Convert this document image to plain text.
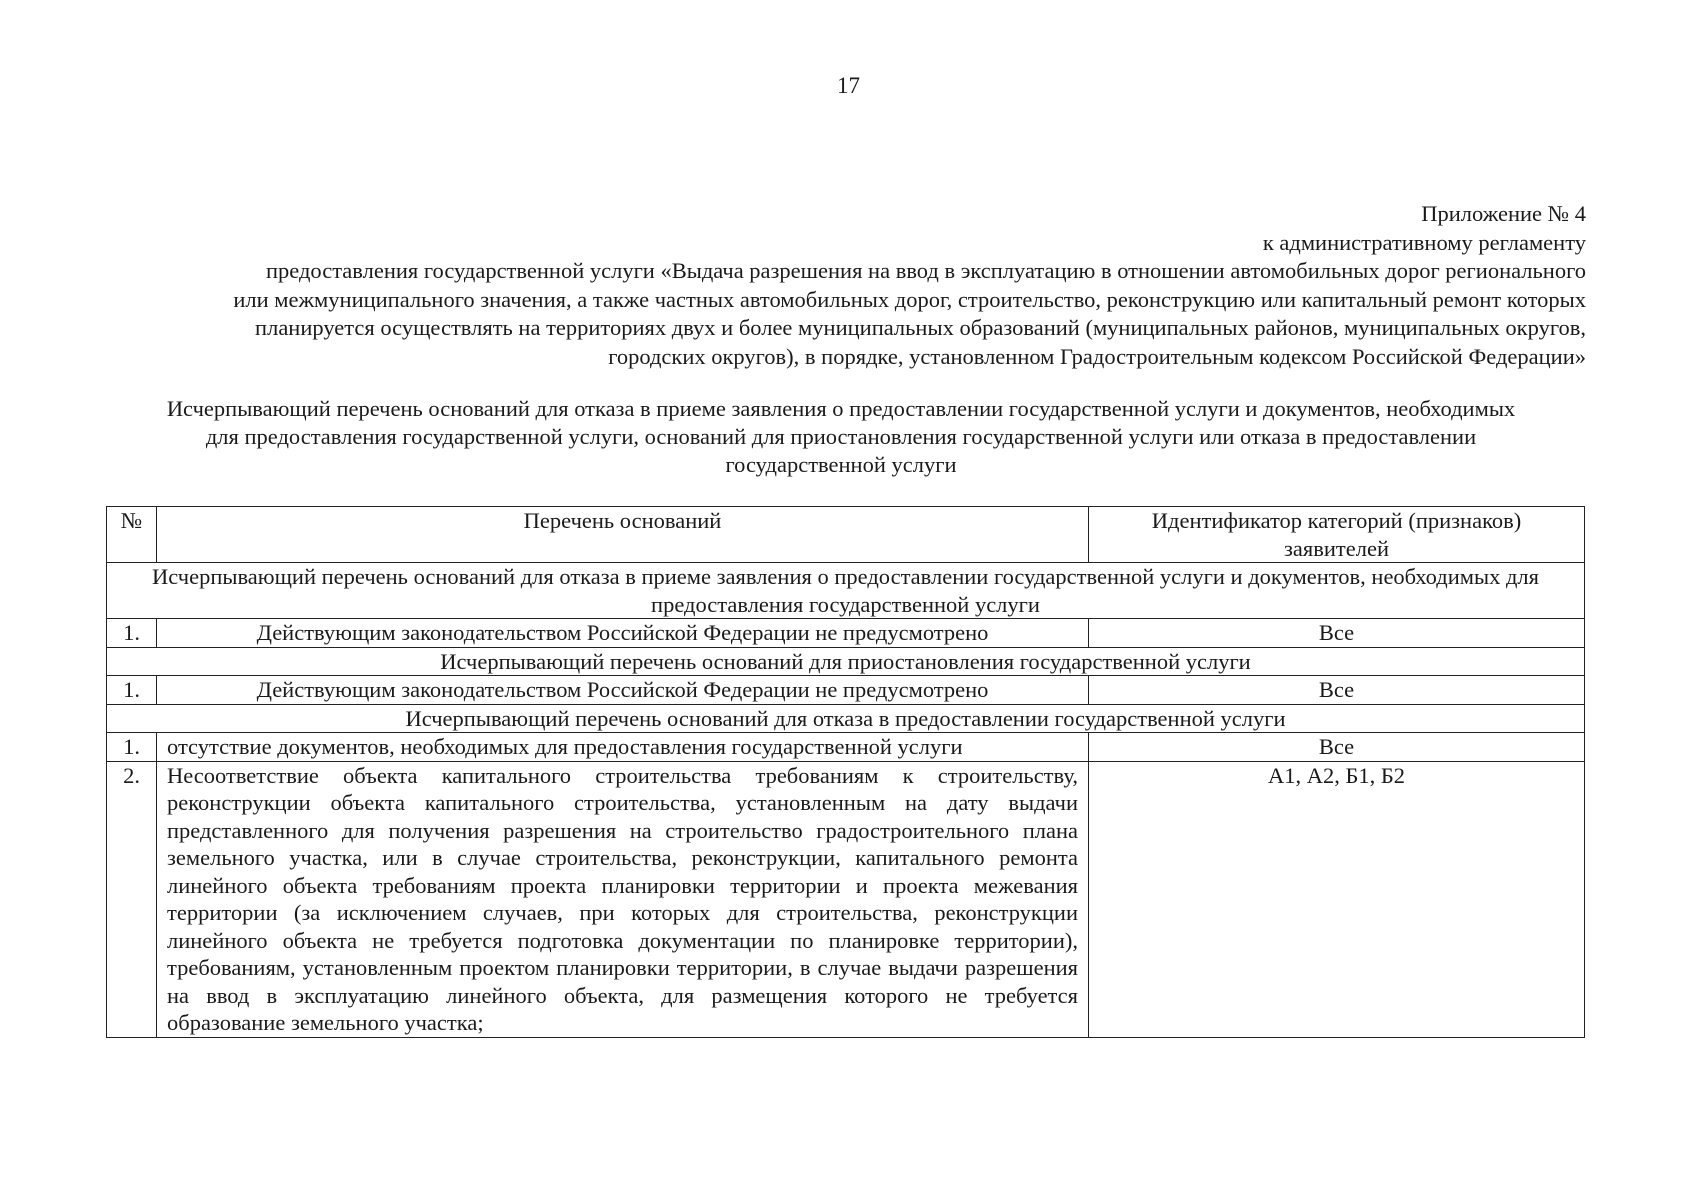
17
Приложение № 4
к административному регламенту
предоставления государственной услуги «Выдача разрешения на ввод в эксплуатацию в отношении автомобильных дорог регионального
или межмуниципального значения, а также частных автомобильных дорог, строительство, реконструкцию или капитальный ремонт которых
планируется осуществлять на территориях двух и более муниципальных образований (муниципальных районов, муниципальных округов,
городских округов), в порядке, установленном Градостроительным кодексом Российской Федерации»
Исчерпывающий перечень оснований для отказа в приеме заявления о предоставлении государственной услуги и документов, необходимых
для предоставления государственной услуги, оснований для приостановления государственной услуги или отказа в предоставлении
государственной услуги
№	Перечень оснований	Идентификатор категорий (признаков) заявителей
Исчерпывающий перечень оснований для отказа в приеме заявления о предоставлении государственной услуги и документов, необходимых для предоставления государственной услуги		
1.	Действующим законодательством Российской Федерации не предусмотрено	Все
Исчерпывающий перечень оснований для приостановления государственной услуги		
1.	Действующим законодательством Российской Федерации не предусмотрено	Все
Исчерпывающий перечень оснований для отказа в предоставлении государственной услуги		
1.	отсутствие документов, необходимых для предоставления государственной услуги	Все
2.	Несоответствие объекта капитального строительства требованиям к строительству, реконструкции объекта капитального строительства, установленным на дату выдачи представленного для получения разрешения на строительство градостроительного плана земельного участка, или в случае строительства, реконструкции, капитального ремонта линейного объекта требованиям проекта планировки территории и проекта межевания территории (за исключением случаев, при которых для строительства, реконструкции линейного объекта не требуется подготовка документации по планировке территории), требованиям, установленным проектом планировки территории, в случае выдачи разрешения на ввод в эксплуатацию линейного объекта, для размещения которого не требуется образование земельного участка;	А1, А2, Б1, Б2
